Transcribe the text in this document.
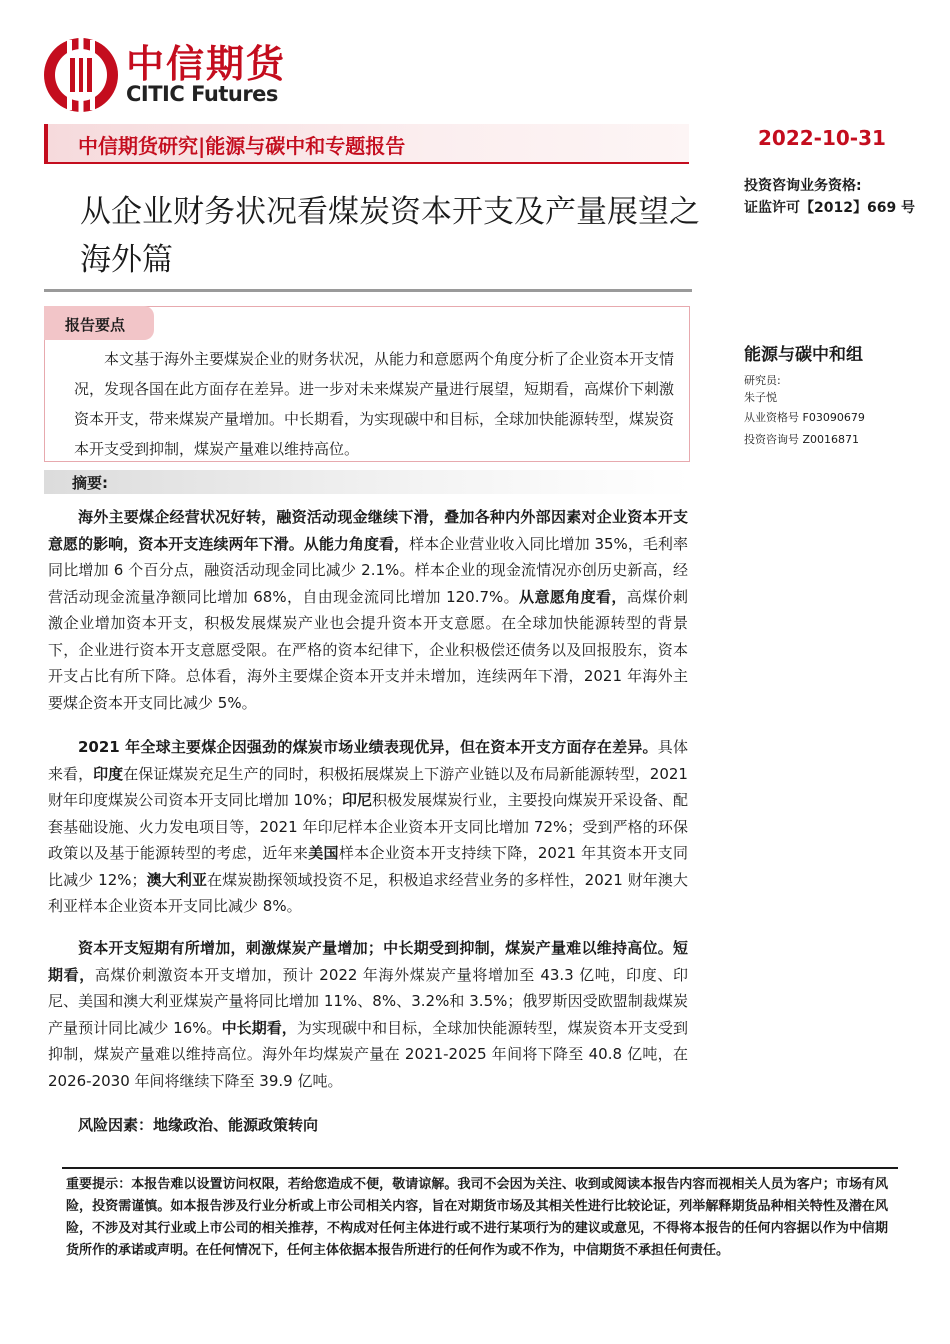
中信期货
CITIC Futures
中信期货研究|能源与碳中和专题报告	2022-10-31
投资咨询业务资格:
证监许可【2012】669 号
从企业财务状况看煤炭资本开支及产量展望之海外篇
报告要点
本文基于海外主要煤炭企业的财务状况，从能力和意愿两个角度分析了企业资本开支情况，发现各国在此方面存在差异。进一步对未来煤炭产量进行展望，短期看，高煤价下刺激资本开支，带来煤炭产量增加。中长期看，为实现碳中和目标，全球加快能源转型，煤炭资本开支受到抑制，煤炭产量难以维持高位。
能源与碳中和组
研究员:
朱子悦
从业资格号 F03090679
投资咨询号 Z0016871
摘要:
海外主要煤企经营状况好转，融资活动现金继续下滑，叠加各种内外部因素对企业资本开支意愿的影响，资本开支连续两年下滑。从能力角度看，样本企业营业收入同比增加 35%，毛利率同比增加 6 个百分点，融资活动现金同比减少 2.1%。样本企业的现金流情况亦创历史新高，经营活动现金流量净额同比增加 68%，自由现金流同比增加 120.7%。从意愿角度看，高煤价刺激企业增加资本开支，积极发展煤炭产业也会提升资本开支意愿。在全球加快能源转型的背景下，企业进行资本开支意愿受限。在严格的资本纪律下，企业积极偿还债务以及回报股东，资本开支占比有所下降。总体看，海外主要煤企资本开支并未增加，连续两年下滑，2021 年海外主要煤企资本开支同比减少 5%。
2021 年全球主要煤企因强劲的煤炭市场业绩表现优异，但在资本开支方面存在差异。具体来看，印度在保证煤炭充足生产的同时，积极拓展煤炭上下游产业链以及布局新能源转型，2021 财年印度煤炭公司资本开支同比增加 10%；印尼积极发展煤炭行业，主要投向煤炭开采设备、配套基础设施、火力发电项目等，2021 年印尼样本企业资本开支同比增加 72%；受到严格的环保政策以及基于能源转型的考虑，近年来美国样本企业资本开支持续下降，2021 年其资本开支同比减少 12%；澳大利亚在煤炭勘探领域投资不足，积极追求经营业务的多样性，2021 财年澳大利亚样本企业资本开支同比减少 8%。
资本开支短期有所增加，刺激煤炭产量增加；中长期受到抑制，煤炭产量难以维持高位。短期看，高煤价刺激资本开支增加，预计 2022 年海外煤炭产量将增加至 43.3 亿吨，印度、印尼、美国和澳大利亚煤炭产量将同比增加 11%、8%、3.2%和 3.5%；俄罗斯因受欧盟制裁煤炭产量预计同比减少 16%。中长期看，为实现碳中和目标，全球加快能源转型，煤炭资本开支受到抑制，煤炭产量难以维持高位。海外年均煤炭产量在 2021-2025 年间将下降至 40.8 亿吨，在 2026-2030 年间将继续下降至 39.9 亿吨。
风险因素：地缘政治、能源政策转向
重要提示：本报告难以设置访问权限，若给您造成不便，敬请谅解。我司不会因为关注、收到或阅读本报告内容而视相关人员为客户；市场有风险，投资需谨慎。如本报告涉及行业分析或上市公司相关内容，旨在对期货市场及其相关性进行比较论证，列举解释期货品种相关特性及潜在风险，不涉及对其行业或上市公司的相关推荐，不构成对任何主体进行或不进行某项行为的建议或意见，不得将本报告的任何内容据以作为中信期货所作的承诺或声明。在任何情况下，任何主体依据本报告所进行的任何作为或不作为，中信期货不承担任何责任。
